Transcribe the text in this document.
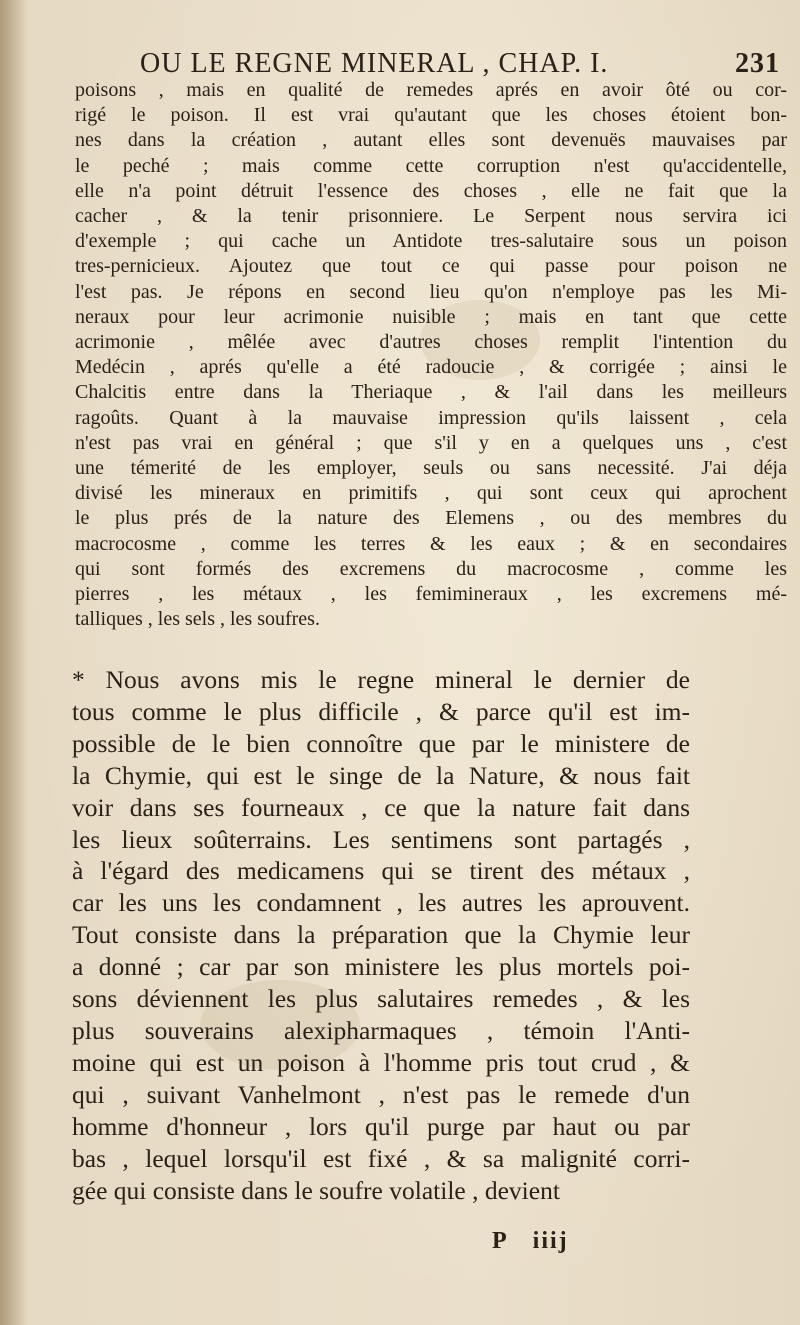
OU LE REGNE MINERAL , CHAP. I.	231
poisons , mais en qualité de remedes aprés en avoir ôté ou cor-
rigé le poison. Il est vrai qu'autant que les choses étoient bon-
nes dans la création , autant elles sont devenuës mauvaises par
le peché ; mais comme cette corruption n'est qu'accidentelle,
elle n'a point détruit l'essence des choses , elle ne fait que la
cacher , & la tenir prisonniere. Le Serpent nous servira ici
d'exemple ; qui cache un Antidote tres-salutaire sous un poison
tres-pernicieux. Ajoutez que tout ce qui passe pour poison ne
l'est pas. Je répons en second lieu qu'on n'employe pas les Mi-
neraux pour leur acrimonie nuisible ; mais en tant que cette
acrimonie , mêlée avec d'autres choses remplit l'intention du
Medécin , aprés qu'elle a été radoucie , & corrigée ; ainsi le
Chalcitis entre dans la Theriaque , & l'ail dans les meilleurs
ragoûts. Quant à la mauvaise impression qu'ils laissent , cela
n'est pas vrai en général ; que s'il y en a quelques uns , c'est
une témerité de les employer, seuls ou sans necessité. J'ai déja
divisé les mineraux en primitifs , qui sont ceux qui aprochent
le plus prés de la nature des Elemens , ou des membres du
macrocosme , comme les terres & les eaux ; & en secondaires
qui sont formés des excremens du macrocosme , comme les
pierres , les métaux , les femimineraux , les excremens mé-
talliques , les sels , les soufres.
* Nous avons mis le regne mineral le dernier de
tous comme le plus difficile , & parce qu'il est im-
possible de le bien connoître que par le ministere de
la Chymie, qui est le singe de la Nature, & nous fait
voir dans ses fourneaux , ce que la nature fait dans
les lieux soûterrains. Les sentimens sont partagés ,
à l'égard des medicamens qui se tirent des métaux ,
car les uns les condamnent , les autres les aprouvent.
Tout consiste dans la préparation que la Chymie leur
a donné ; car par son ministere les plus mortels poi-
sons déviennent les plus salutaires remedes , & les
plus souverains alexipharmaques , témoin l'Anti-
moine qui est un poison à l'homme pris tout crud , &
qui , suivant Vanhelmont , n'est pas le remede d'un
homme d'honneur , lors qu'il purge par haut ou par
bas , lequel lorsqu'il est fixé , & sa malignité corri-
gée qui consiste dans le soufre volatile , devient
P iiij
